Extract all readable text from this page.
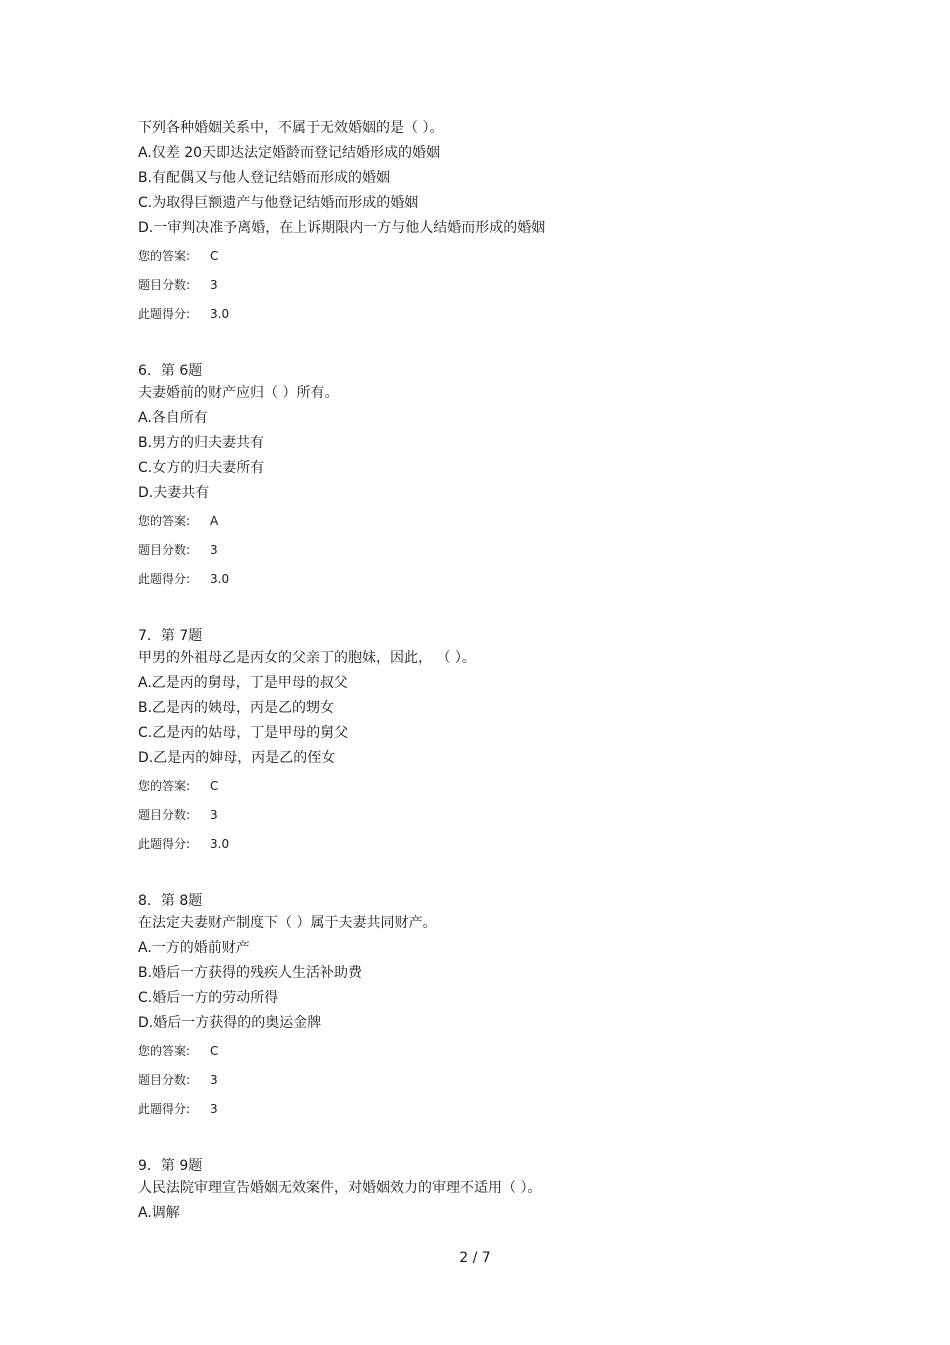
下列各种婚姻关系中，不属于无效婚姻的是（ ）。
A.仅差 20天即达法定婚龄而登记结婚形成的婚姻
B.有配偶又与他人登记结婚而形成的婚姻
C.为取得巨额遗产与他登记结婚而形成的婚姻
D.一审判决准予离婚，在上诉期限内一方与他人结婚而形成的婚姻
您的答案: C
题目分数: 3
此题得分: 3.0
6．第 6题
夫妻婚前的财产应归（ ）所有。
A.各自所有
B.男方的归夫妻共有
C.女方的归夫妻所有
D.夫妻共有
您的答案: A
题目分数: 3
此题得分: 3.0
7．第 7题
甲男的外祖母乙是丙女的父亲丁的胞妹，因此， （ ）。
A.乙是丙的舅母，丁是甲母的叔父
B.乙是丙的姨母，丙是乙的甥女
C.乙是丙的姑母，丁是甲母的舅父
D.乙是丙的婶母，丙是乙的侄女
您的答案: C
题目分数: 3
此题得分: 3.0
8．第 8题
在法定夫妻财产制度下（ ）属于夫妻共同财产。
A.一方的婚前财产
B.婚后一方获得的残疾人生活补助费
C.婚后一方的劳动所得
D.婚后一方获得的的奥运金牌
您的答案: C
题目分数: 3
此题得分: 3
9．第 9题
人民法院审理宣告婚姻无效案件，对婚姻效力的审理不适用（ ）。
A.调解
2 / 7
